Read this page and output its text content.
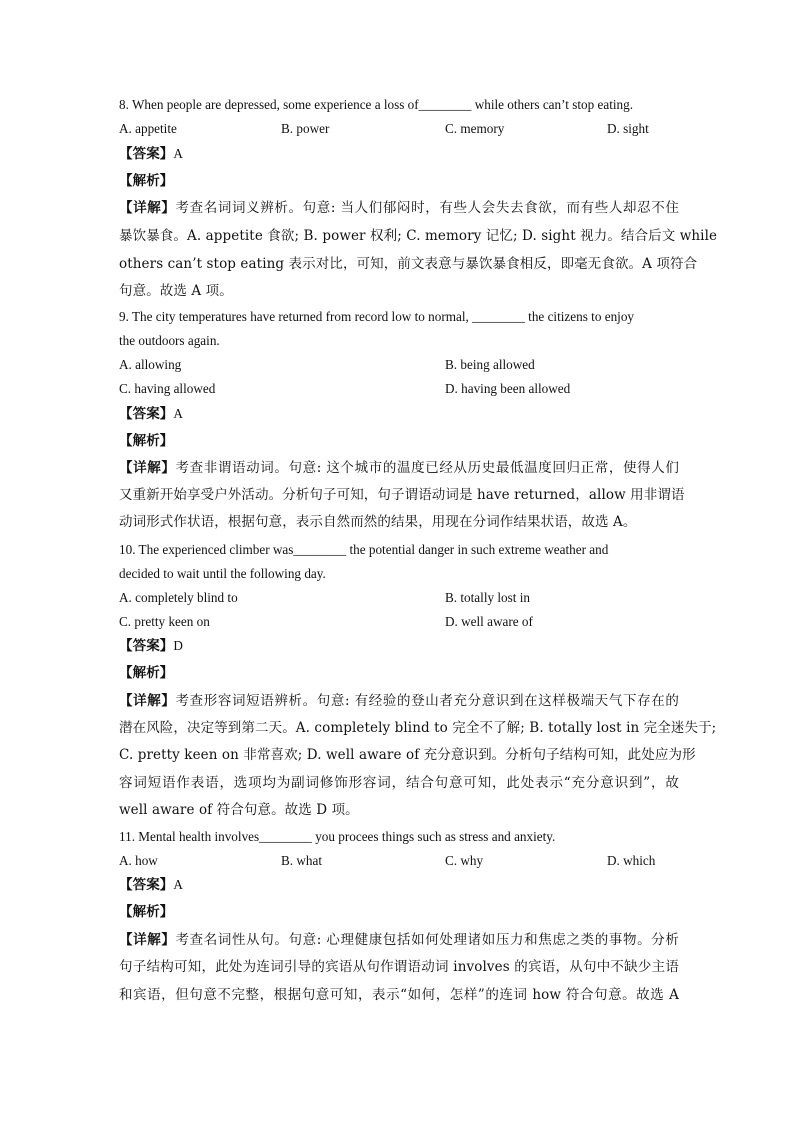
8. When people are depressed, some experience a loss of________ while others can’t stop eating.
A. appetite	B. power	C. memory	D. sight
【答案】A
【解析】
【详解】考查名词词义辨析。句意: 当人们郁闷时，有些人会失去食欲，而有些人却忍不住
暴饮暴食。A. appetite 食欲; B. power 权利; C. memory 记忆; D. sight 视力。结合后文 while
others can’t stop eating 表示对比，可知，前文表意与暴饮暴食相反，即毫无食欲。A 项符合
句意。故选 A 项。
9. The city temperatures have returned from record low to normal, ________ the citizens to enjoy
the outdoors again.
A. allowing	B. being allowed
C. having allowed	D. having been allowed
【答案】A
【解析】
【详解】考查非谓语动词。句意: 这个城市的温度已经从历史最低温度回归正常，使得人们
又重新开始享受户外活动。分析句子可知，句子谓语动词是 have returned，allow 用非谓语
动词形式作状语，根据句意，表示自然而然的结果，用现在分词作结果状语，故选 A。
10. The experienced climber was________ the potential danger in such extreme weather and
decided to wait until the following day.
A. completely blind to	B. totally lost in
C. pretty keen on	D. well aware of
【答案】D
【解析】
【详解】考查形容词短语辨析。句意: 有经验的登山者充分意识到在这样极端天气下存在的
潜在风险，决定等到第二天。A. completely blind to 完全不了解; B. totally lost in 完全迷失于;
C. pretty keen on 非常喜欢; D. well aware of 充分意识到。分析句子结构可知，此处应为形
容词短语作表语，选项均为副词修饰形容词，结合句意可知，此处表示“充分意识到”，故
well aware of 符合句意。故选 D 项。
11. Mental health involves________ you procees things such as stress and anxiety.
A. how	B. what	C. why	D. which
【答案】A
【解析】
【详解】考查名词性从句。句意: 心理健康包括如何处理诸如压力和焦虑之类的事物。分析
句子结构可知，此处为连词引导的宾语从句作谓语动词 involves 的宾语，从句中不缺少主语
和宾语，但句意不完整，根据句意可知，表示“如何，怎样”的连词 how 符合句意。故选 A
